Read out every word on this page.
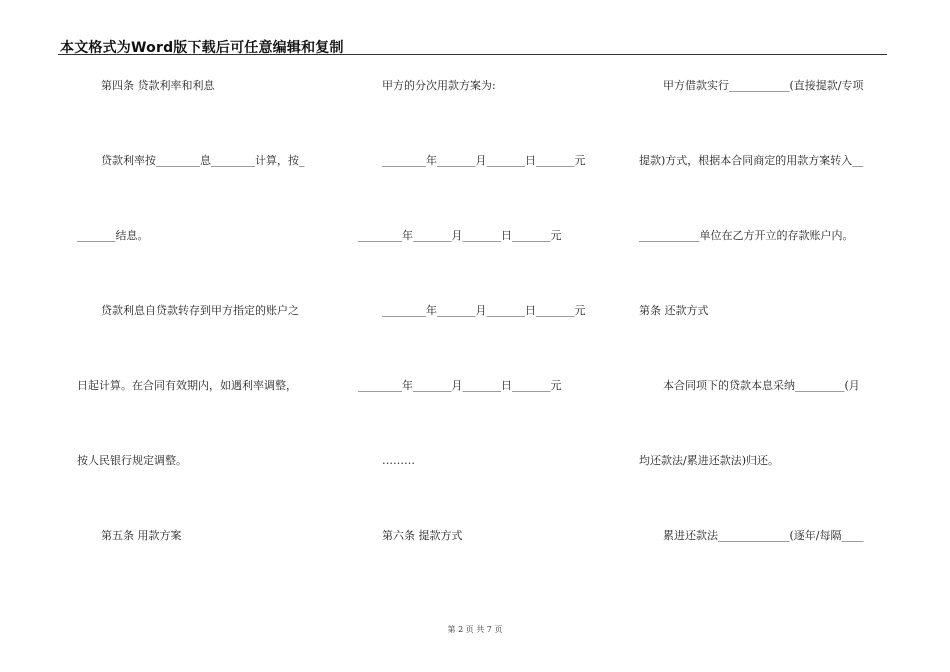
本文格式为Word版下载后可任意编辑和复制
第四条 贷款利率和利息
贷款利率按________息________计算，按_
_______结息。
贷款利息自贷款转存到甲方指定的账户之
日起计算。在合同有效期内，如遇利率调整，
按人民银行规定调整。
第五条 用款方案
甲方的分次用款方案为:
________年_______月_______日_______元
________年_______月_______日_______元
________年_______月_______日_______元
________年_______月_______日_______元
………
第六条 提款方式
甲方借款实行___________(直接提款/专项
提款)方式，根据本合同商定的用款方案转入__
___________单位在乙方开立的存款账户内。
第条 还款方式
本合同项下的贷款本息采纳_________(月
均还款法/累进还款法)归还。
累进还款法_____________(逐年/每隔____
第 2 页 共 7 页
